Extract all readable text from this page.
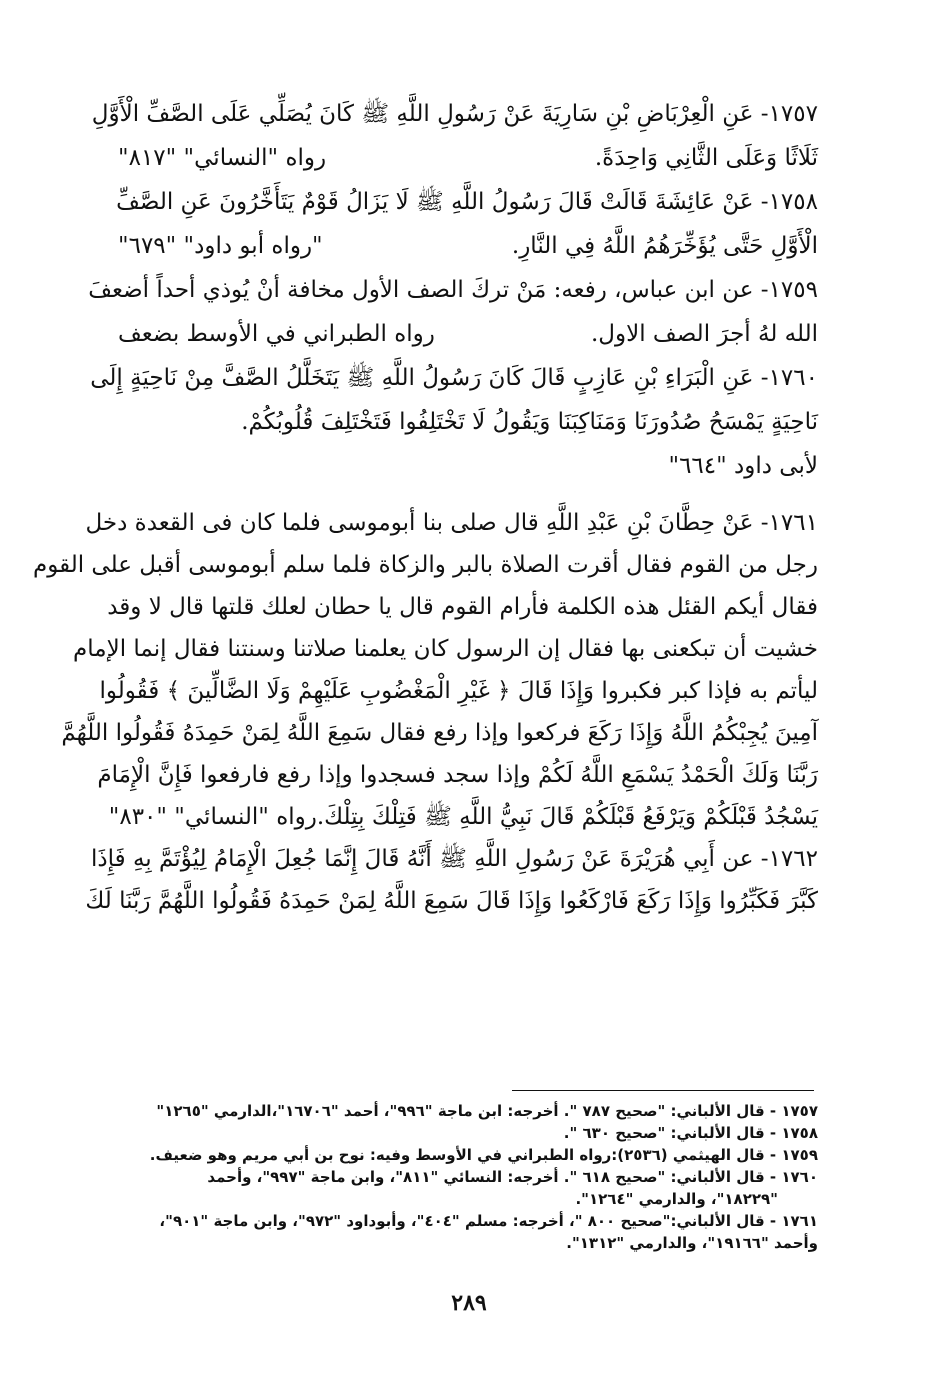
١٧٥٧- عَنِ الْعِرْبَاضِ بْنِ سَارِيَةَ عَنْ رَسُولِ اللَّهِ ﷺ كَانَ يُصَلِّي عَلَى الصَّفِّ الْأَوَّلِ
ثَلَاثًا وَعَلَى الثَّانِي وَاحِدَةً.
رواه "النسائي" "٨١٧"
١٧٥٨- عَنْ عَائِشَةَ قَالَتْ قَالَ رَسُولُ اللَّهِ ﷺ لَا يَزَالُ قَوْمٌ يَتَأَخَّرُونَ عَنِ الصَّفِّ
الْأَوَّلِ حَتَّى يُؤَخِّرَهُمُ اللَّهُ فِي النَّارِ.
"رواه أبو داود" "٦٧٩"
١٧٥٩- عن ابن عباس، رفعه: مَنْ تركَ الصف الأول مخافة أنْ يُوذي أحداً أضعفَ
الله لهُ أجرَ الصف الاول.
رواه الطبراني في الأوسط بضعف
١٧٦٠- عَنِ الْبَرَاءِ بْنِ عَازِبٍ قَالَ كَانَ رَسُولُ اللَّهِ ﷺ يَتَخَلَّلُ الصَّفَّ مِنْ نَاحِيَةٍ إِلَى
نَاحِيَةٍ يَمْسَحُ صُدُورَنَا وَمَنَاكِبَنَا وَيَقُولُ لَا تَخْتَلِفُوا فَتَخْتَلِفَ قُلُوبُكُمْ.
لأبى داود "٦٦٤"
١٧٦١- عَنْ حِطَّانَ بْنِ عَبْدِ اللَّهِ قال صلى بنا أبوموسى فلما كان فى القعدة دخل
رجل من القوم فقال أقرت الصلاة بالبر والزكاة فلما سلم أبوموسى أقبل على القوم
فقال أيكم القئل هذه الكلمة فأرام القوم قال يا حطان لعلك قلتها قال لا وقد
خشيت أن تبكعنى بها فقال إن الرسول كان يعلمنا صلاتنا وسنتنا فقال إنما الإمام
ليأتم به فإذا كبر فكبروا وَإِذَا قَالَ ﴿ غَيْرِ الْمَغْضُوبِ عَلَيْهِمْ وَلَا الضَّالِّينَ ﴾ فَقُولُوا
آمِينَ يُجِبْكُمُ اللَّهُ وَإِذَا رَكَعَ فركعوا وإذا رفع فقال سَمِعَ اللَّهُ لِمَنْ حَمِدَهُ فَقُولُوا اللَّهُمَّ
رَبَّنَا وَلَكَ الْحَمْدُ يَسْمَعِ اللَّهُ لَكُمْ وإذا سجد فسجدوا وإذا رفع فارفعوا فَإِنَّ الْإِمَامَ
يَسْجُدُ قَبْلَكُمْ وَيَرْفَعُ قَبْلَكُمْ قَالَ نَبِيُّ اللَّهِ ﷺ فَتِلْكَ بِتِلْكَ.
رواه "النسائي" "٨٣٠"
١٧٦٢- عن أَبِي هُرَيْرَةَ عَنْ رَسُولِ اللَّهِ ﷺ أَنَّهُ قَالَ إِنَّمَا جُعِلَ الْإِمَامُ لِيُؤْتَمَّ بِهِ فَإِذَا
كَبَّرَ فَكَبِّرُوا وَإِذَا رَكَعَ فَارْكَعُوا وَإِذَا قَالَ سَمِعَ اللَّهُ لِمَنْ حَمِدَهُ فَقُولُوا اللَّهُمَّ رَبَّنَا لَكَ
١٧٥٧ - قال الألباني: "صحيح ٧٨٧ ". أخرجه: ابن ماجة "٩٩٦"، أحمد "١٦٧٠٦"،الدارمي "١٢٦٥"
١٧٥٨ - قال الألباني: "صحيح ٦٣٠ ".
١٧٥٩ - قال الهيثمي (٢٥٣٦):رواه الطبراني في الأوسط وفيه: نوح بن أبي مريم وهو ضعيف.
١٧٦٠ - قال الألباني: "صحيح ٦١٨ ". أخرجه: النسائي "٨١١"، وابن ماجة "٩٩٧"، وأحمد
"١٨٢٢٩"، والدارمي "١٢٦٤".
١٧٦١ - قال الألباني:"صحيح ٨٠٠ "، أخرجه: مسلم "٤٠٤"، وأبوداود "٩٧٢"، وابن ماجة "٩٠١"،
وأحمد "١٩١٦٦"، والدارمي "١٣١٢".
٢٨٩
